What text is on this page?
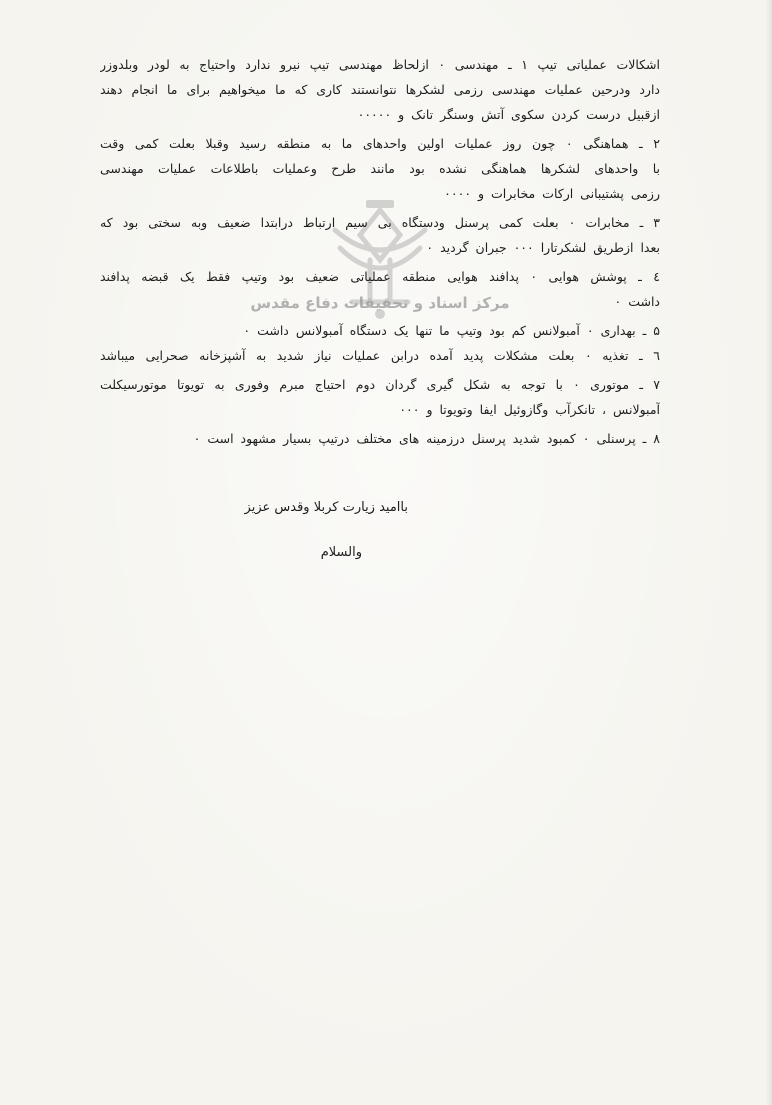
مرکز اسناد و تحقیقات دفاع مقدس
اشکالات عملیاتی تیپ ۱ ـ مهندسی ۰ ازلحاظ مهندسی تیپ نیرو ندارد واحتیاج به لودر وبلدوزر
دارد ودرحین عملیات مهندسی رزمی لشکرها نتوانستند کاری که ما میخواهیم برای ما انجام دهند
ازقبیل درست کردن سکوی آتش وسنگر تانک و ۰۰۰۰۰
۲ ـ هماهنگی ۰ چون روز عملیات اولین واحدهای ما به منطقه رسید وقبلا بعلت کمی وقت
با واحدهای لشکرها هماهنگی نشده بود مانند طرح وعملیات باطلاعات عملیات مهندسی
رزمی پشتیبانی ارکات مخابرات و ۰۰۰۰
۳ ـ مخابرات ۰ بعلت کمی پرسنل ودستگاه بی سیم ارتباط درابتدا ضعیف وبه سختی بود که
بعدا ازطریق لشکرتارا ۰۰۰ جبران گردید ۰
٤ ـ پوشش هوایی ۰ پدافند هوایی منطقه عملیاتی ضعیف بود وتیپ فقط یک قبضه پدافند
داشت ۰
۵ ـ بهداری ۰ آمبولانس کم بود وتیپ ما تنها یک دستگاه آمبولانس داشت ۰
٦ ـ تغذیه ۰ بعلت مشکلات پدید آمده درابن عملیات نیاز شدید به آشپزخانه صحرایی میباشد
۷ ـ موتوری ۰ با توجه به شکل گیری گردان دوم احتیاج مبرم وفوری به تویوتا موتورسیکلت
آمبولانس ، تانکرآب وگازوئیل ایفا وتویوتا و ۰۰۰
۸ ـ پرسنلی ۰ کمبود شدید پرسنل درزمینه های مختلف درتیپ بسیار مشهود است ۰
باامید زیارت کربلا وقدس عزیز
والسلام
